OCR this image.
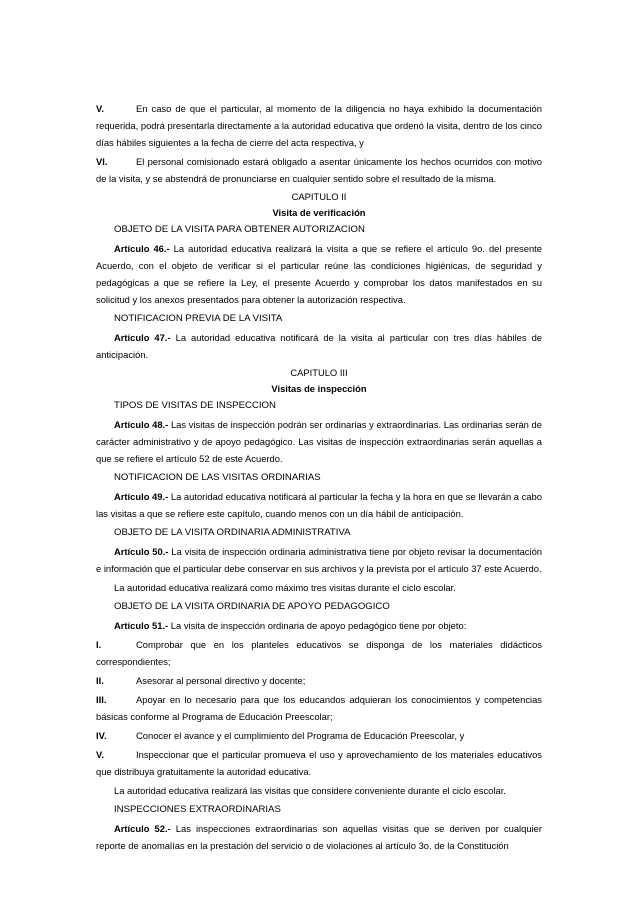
V.	En caso de que el particular, al momento de la diligencia no haya exhibido la documentación requerida, podrá presentarla directamente a la autoridad educativa que ordenó la visita, dentro de los cinco días hábiles siguientes a la fecha de cierre del acta respectiva, y

VI.	El personal comisionado estará obligado a asentar únicamente los hechos ocurridos con motivo de la visita, y se abstendrá de pronunciarse en cualquier sentido sobre el resultado de la misma.

CAPITULO II

Visita de verificación

OBJETO DE LA VISITA PARA OBTENER AUTORIZACION

Artículo 46.- La autoridad educativa realizará la visita a que se refiere el artículo 9o. del presente Acuerdo, con el objeto de verificar si el particular reúne las condiciones higiénicas, de seguridad y pedagógicas a que se refiere la Ley, el presente Acuerdo y comprobar los datos manifestados en su solicitud y los anexos presentados para obtener la autorización respectiva.

NOTIFICACION PREVIA DE LA VISITA

Artículo 47.- La autoridad educativa notificará de la visita al particular con tres días hábiles de anticipación.

CAPITULO III

Visitas de inspección

TIPOS DE VISITAS DE INSPECCION

Artículo 48.- Las visitas de inspección podrán ser ordinarias y extraordinarias. Las ordinarias serán de carácter administrativo y de apoyo pedagógico. Las visitas de inspección extraordinarias serán aquellas a que se refiere el artículo 52 de este Acuerdo.

NOTIFICACION DE LAS VISITAS ORDINARIAS

Artículo 49.- La autoridad educativa notificará al particular la fecha y la hora en que se llevarán a cabo las visitas a que se refiere este capítulo, cuando menos con un día hábil de anticipación.

OBJETO DE LA VISITA ORDINARIA ADMINISTRATIVA

Artículo 50.- La visita de inspección ordinaria administrativa tiene por objeto revisar la documentación e información que el particular debe conservar en sus archivos y la prevista por el artículo 37 este Acuerdo.

La autoridad educativa realizará como máximo tres visitas durante el ciclo escolar.

OBJETO DE LA VISITA ORDINARIA DE APOYO PEDAGOGICO

Artículo 51.- La visita de inspección ordinaria de apoyo pedagógico tiene por objeto:

I.	Comprobar que en los planteles educativos se disponga de los materiales didácticos correspondientes;

II.	Asesorar al personal directivo y docente;

III.	Apoyar en lo necesario para que los educandos adquieran los conocimientos y competencias básicas conforme al Programa de Educación Preescolar;

IV.	Conocer el avance y el cumplimiento del Programa de Educación Preescolar, y

V.	Inspeccionar que el particular promueva el uso y aprovechamiento de los materiales educativos que distribuya gratuitamente la autoridad educativa.

La autoridad educativa realizará las visitas que considere conveniente durante el ciclo escolar.

INSPECCIONES EXTRAORDINARIAS

Artículo 52.- Las inspecciones extraordinarias son aquellas visitas que se deriven por cualquier reporte de anomalías en la prestación del servicio o de violaciones al artículo 3o. de la Constitución
